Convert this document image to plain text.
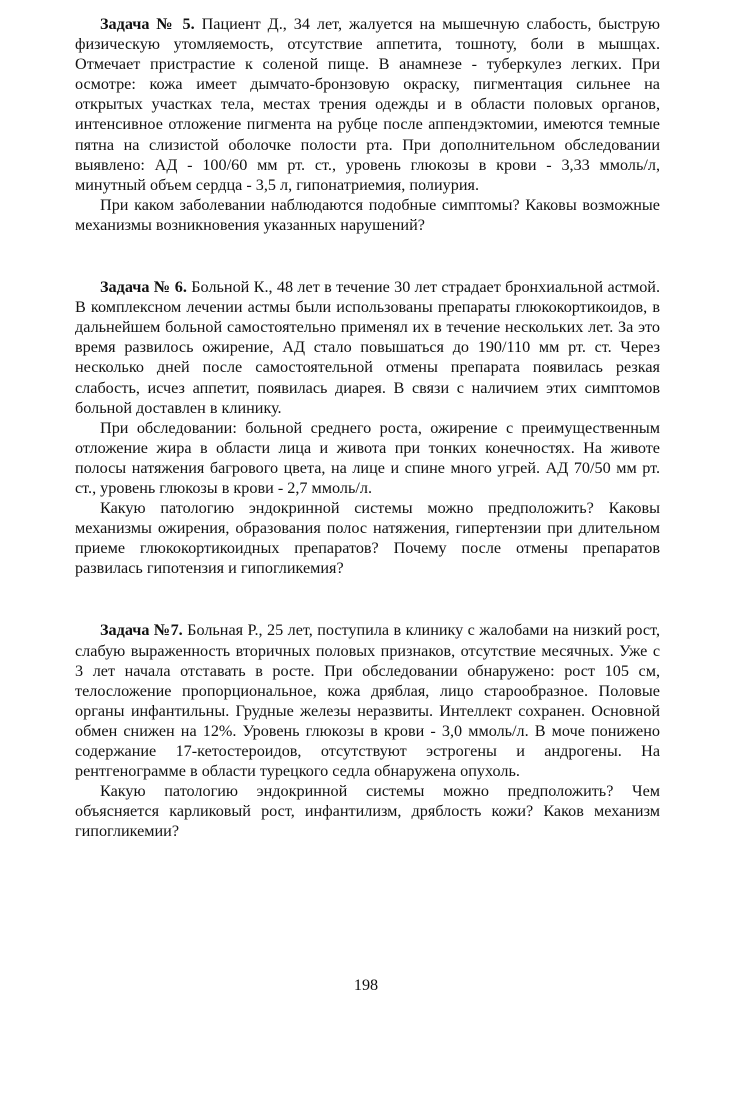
Задача № 5. Пациент Д., 34 лет, жалуется на мышечную слабость, быструю физическую утомляемость, отсутствие аппетита, тошноту, боли в мышцах. Отмечает пристрастие к соленой пище. В анамнезе - туберкулез легких. При осмотре: кожа имеет дымчато-бронзовую окраску, пигментация сильнее на открытых участках тела, местах трения одежды и в области половых органов, интенсивное отложение пигмента на рубце после аппендэктомии, имеются темные пятна на слизистой оболочке полости рта. При дополнительном обследовании выявлено: АД - 100/60 мм рт. ст., уровень глюкозы в крови - 3,33 ммоль/л, минутный объем сердца - 3,5 л, гипонатриемия, полиурия.

При каком заболевании наблюдаются подобные симптомы? Каковы возможные механизмы возникновения указанных нарушений?

Задача № 6. Больной К., 48 лет в течение 30 лет страдает бронхиальной астмой. В комплексном лечении астмы были использованы препараты глюкокортикоидов, в дальнейшем больной самостоятельно применял их в течение нескольких лет. За это время развилось ожирение, АД стало повышаться до 190/110 мм рт. ст. Через несколько дней после самостоятельной отмены препарата появилась резкая слабость, исчез аппетит, появилась диарея. В связи с наличием этих симптомов больной доставлен в клинику.

При обследовании: больной среднего роста, ожирение с преимущественным отложение жира в области лица и живота при тонких конечностях. На животе полосы натяжения багрового цвета, на лице и спине много угрей. АД 70/50 мм рт. ст., уровень глюкозы в крови - 2,7 ммоль/л.

Какую патологию эндокринной системы можно предположить? Каковы механизмы ожирения, образования полос натяжения, гипертензии при длительном приеме глюкокортикоидных препаратов? Почему после отмены препаратов развилась гипотензия и гипогликемия?

Задача №7. Больная Р., 25 лет, поступила в клинику с жалобами на низкий рост, слабую выраженность вторичных половых признаков, отсутствие месячных. Уже с 3 лет начала отставать в росте. При обследовании обнаружено: рост 105 см, телосложение пропорциональное, кожа дряблая, лицо старообразное. Половые органы инфантильны. Грудные железы неразвиты. Интеллект сохранен. Основной обмен снижен на 12%. Уровень глюкозы в крови - 3,0 ммоль/л. В моче понижено содержание 17-кетостероидов, отсутствуют эстрогены и андрогены. На рентгенограмме в области турецкого седла обнаружена опухоль.

Какую патологию эндокринной системы можно предположить? Чем объясняется карликовый рост, инфантилизм, дряблость кожи? Каков механизм гипогликемии?

198
